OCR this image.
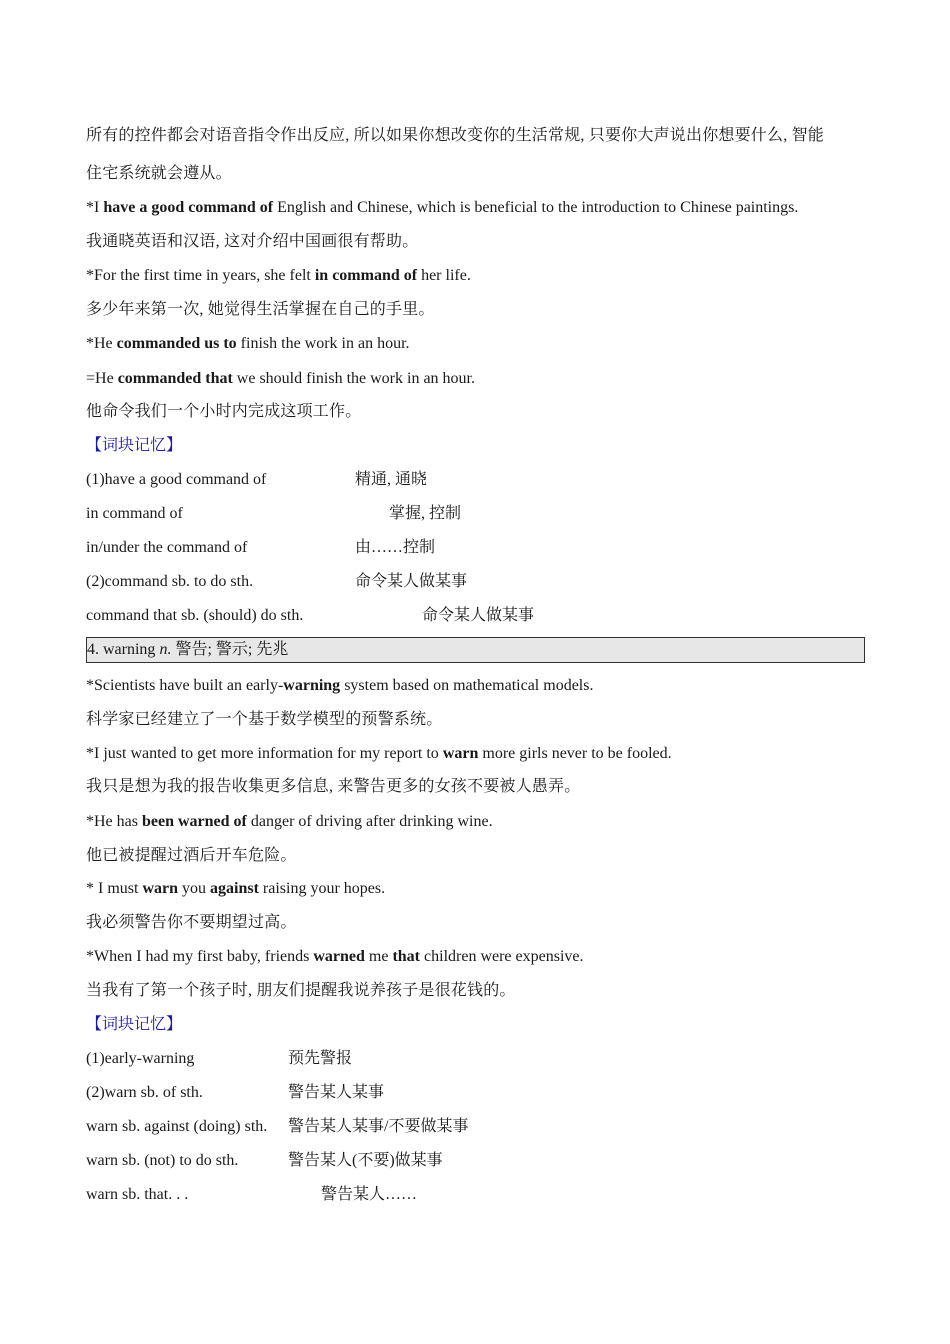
所有的控件都会对语音指令作出反应, 所以如果你想改变你的生活常规, 只要你大声说出你想要什么, 智能
住宅系统就会遵从。
*I have a good command of English and Chinese, which is beneficial to the introduction to Chinese paintings.
我通晓英语和汉语, 这对介绍中国画很有帮助。
*For the first time in years, she felt in command of her life.
多少年来第一次, 她觉得生活掌握在自己的手里。
*He commanded us to finish the work in an hour.
=He commanded that we should finish the work in an hour.
他命令我们一个小时内完成这项工作。
【词块记忆】
(1)have a good command of	精通, 通晓
in command of	掌握, 控制
in/under the command of	由……控制
(2)command sb. to do sth.	命令某人做某事
command that sb. (should) do sth.	命令某人做某事
4. warning n. 警告; 警示; 先兆
*Scientists have built an early-warning system based on mathematical models.
科学家已经建立了一个基于数学模型的预警系统。
*I just wanted to get more information for my report to warn more girls never to be fooled.
我只是想为我的报告收集更多信息, 来警告更多的女孩不要被人愚弄。
*He has been warned of danger of driving after drinking wine.
他已被提醒过酒后开车危险。
* I must warn you against raising your hopes.
我必须警告你不要期望过高。
*When I had my first baby, friends warned me that children were expensive.
当我有了第一个孩子时, 朋友们提醒我说养孩子是很花钱的。
【词块记忆】
(1)early-warning	预先警报
(2)warn sb. of sth.	警告某人某事
warn sb. against (doing) sth. 警告某人某事/不要做某事
warn sb. (not) to do sth.	警告某人(不要)做某事
warn sb. that. . .	警告某人……
